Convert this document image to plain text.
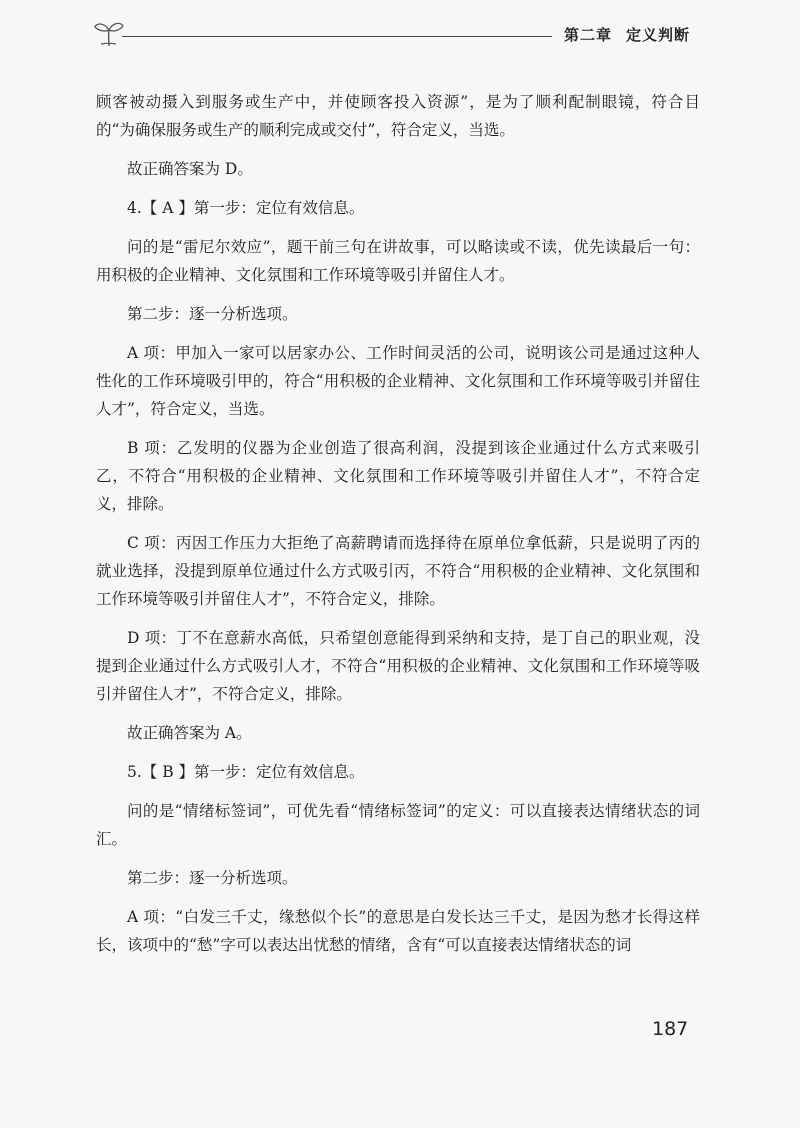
第二章 定义判断

顾客被动摄入到服务或生产中，并使顾客投入资源”，是为了顺利配制眼镜，符合目的“为确保服务或生产的顺利完成或交付”，符合定义，当选。

故正确答案为 D。

4.【 A 】第一步：定位有效信息。

问的是“雷尼尔效应”，题干前三句在讲故事，可以略读或不读，优先读最后一句：用积极的企业精神、文化氛围和工作环境等吸引并留住人才。

第二步：逐一分析选项。

A 项：甲加入一家可以居家办公、工作时间灵活的公司，说明该公司是通过这种人性化的工作环境吸引甲的，符合“用积极的企业精神、文化氛围和工作环境等吸引并留住人才”，符合定义，当选。

B 项：乙发明的仪器为企业创造了很高利润，没提到该企业通过什么方式来吸引乙，不符合“用积极的企业精神、文化氛围和工作环境等吸引并留住人才”，不符合定义，排除。

C 项：丙因工作压力大拒绝了高薪聘请而选择待在原单位拿低薪，只是说明了丙的就业选择，没提到原单位通过什么方式吸引丙，不符合“用积极的企业精神、文化氛围和工作环境等吸引并留住人才”，不符合定义，排除。

D 项：丁不在意薪水高低，只希望创意能得到采纳和支持，是丁自己的职业观，没提到企业通过什么方式吸引人才，不符合“用积极的企业精神、文化氛围和工作环境等吸引并留住人才”，不符合定义，排除。

故正确答案为 A。

5.【 B 】第一步：定位有效信息。

问的是“情绪标签词”，可优先看“情绪标签词”的定义：可以直接表达情绪状态的词汇。

第二步：逐一分析选项。

A 项：“白发三千丈，缘愁似个长”的意思是白发长达三千丈，是因为愁才长得这样长，该项中的“愁”字可以表达出忧愁的情绪，含有“可以直接表达情绪状态的词

187
